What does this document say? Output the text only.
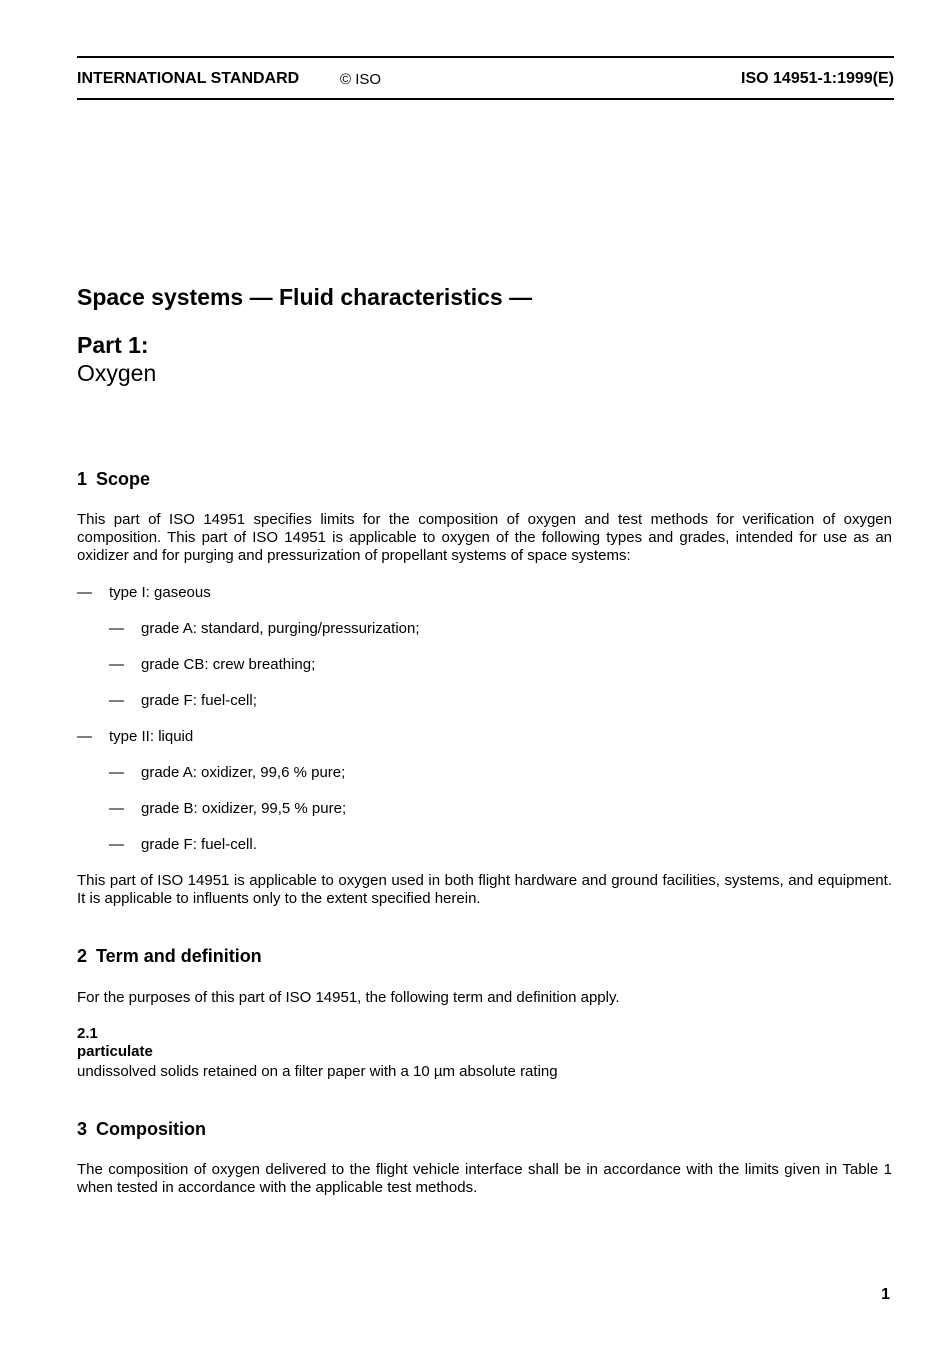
INTERNATIONAL STANDARD	© ISO	ISO 14951-1:1999(E)
Space systems — Fluid characteristics —
Part 1:
Oxygen
1 Scope
This part of ISO 14951 specifies limits for the composition of oxygen and test methods for verification of oxygen composition. This part of ISO 14951 is applicable to oxygen of the following types and grades, intended for use as an oxidizer and for purging and pressurization of propellant systems of space systems:
— type I: gaseous
— grade A: standard, purging/pressurization;
— grade CB: crew breathing;
— grade F: fuel-cell;
— type II: liquid
— grade A: oxidizer, 99,6 % pure;
— grade B: oxidizer, 99,5 % pure;
— grade F: fuel-cell.
This part of ISO 14951 is applicable to oxygen used in both flight hardware and ground facilities, systems, and equipment. It is applicable to influents only to the extent specified herein.
2 Term and definition
For the purposes of this part of ISO 14951, the following term and definition apply.
2.1
particulate
undissolved solids retained on a filter paper with a 10 µm absolute rating
3 Composition
The composition of oxygen delivered to the flight vehicle interface shall be in accordance with the limits given in Table 1 when tested in accordance with the applicable test methods.
1
